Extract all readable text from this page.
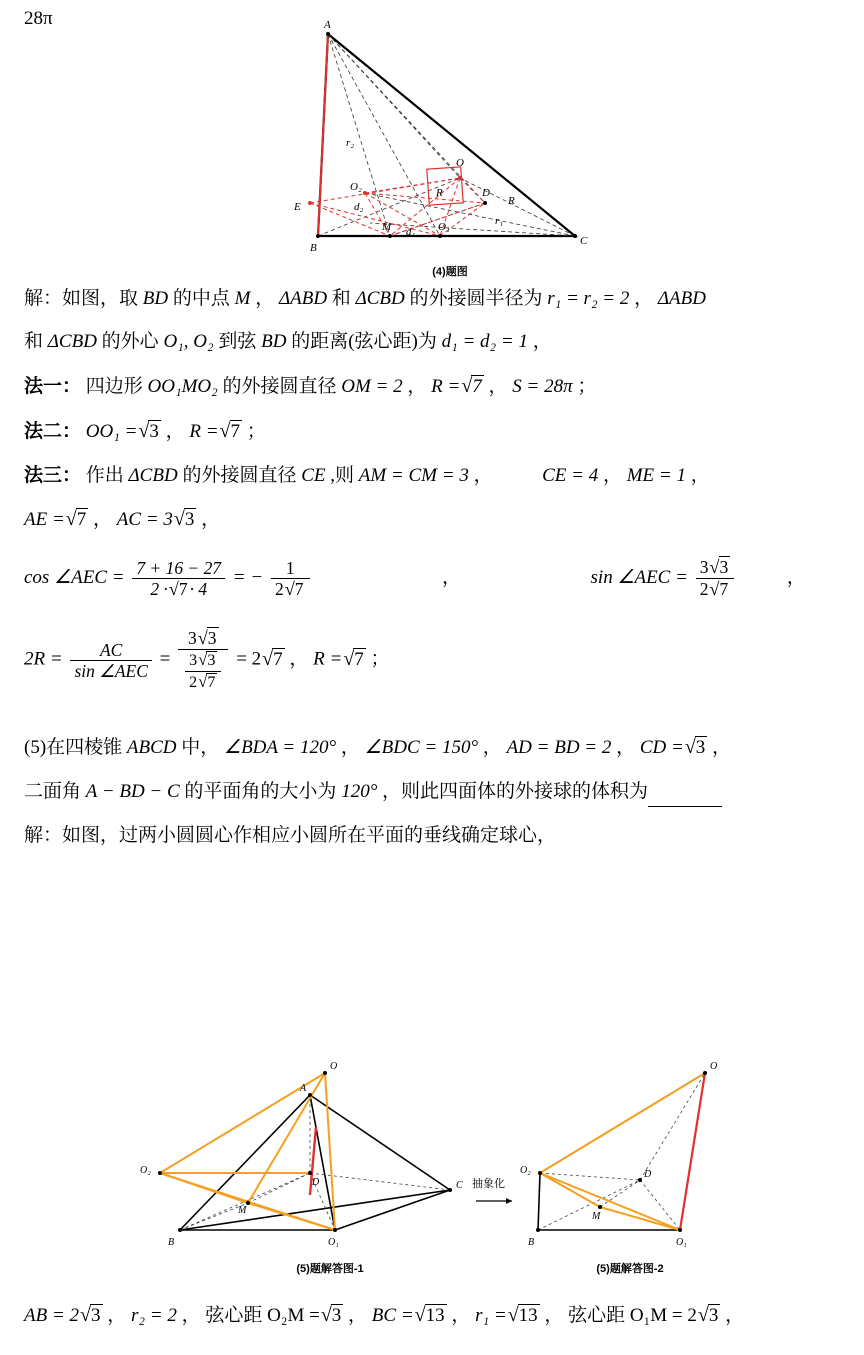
28π	A
B
C
E
M
D
O
O₁
O₂	R
R
r₁
r₂
d₁
d₂
(4)题图
解：如图，取 BD 的中点 M ， ΔABD 和 ΔCBD 的外接圆半径为 r₁ = r₂ = 2 ， ΔABD
和 ΔCBD 的外心 O₁, O₂ 到弦 BD 的距离(弦心距)为 d₁ = d₂ = 1 ，
法一： 四边形 OO₁MO₂ 的外接圆直径 OM = 2 ， R =√7 ， S = 28π ；
法二： OO₁ =√3 ， R =√7 ；
法三： 作出 ΔCBD 的外接圆直径 CE ,则 AM = CM = 3 ，	CE = 4 ， ME = 1 ，
AE =√7 ， AC = 3√3 ，
cos ∠AEC = $\frac{7 + 16 - 27}{2 \cdot√7 \cdot 4}$ = − $\frac{1}{2√7}$	，	sin ∠AEC = $\frac{3√3}{2√7}$	，
$2R = \frac{AC}{\text{sin ∠AEC}} = \frac{3√3}{\frac{3√3}{2√7}} = 2√7$ ， R =√7 ；
(5)在四棱锥 ABCD 中， ∠BDA = 120° ， ∠BDC = 150° ， AD = BD = 2 ， CD =√3 ，
二面角 A − BD − C 的平面角的大小为 120° ，则此四面体的外接球的体积为
解：如图，过两小圆圆心作相应小圆所在平面的垂线确定球心，
O
A
B
C
D
M
O₁
O₂
抽象化
O
O₂
B	O₁
D
M
(5)题解答图-1	(5)题解答图-2
AB = 2√3 ， r₂ = 2 ， 弦心距 O₂M =√3 ， BC =√13 ， r₁ =√13 ， 弦心距 O₁M = 2√3 ，
